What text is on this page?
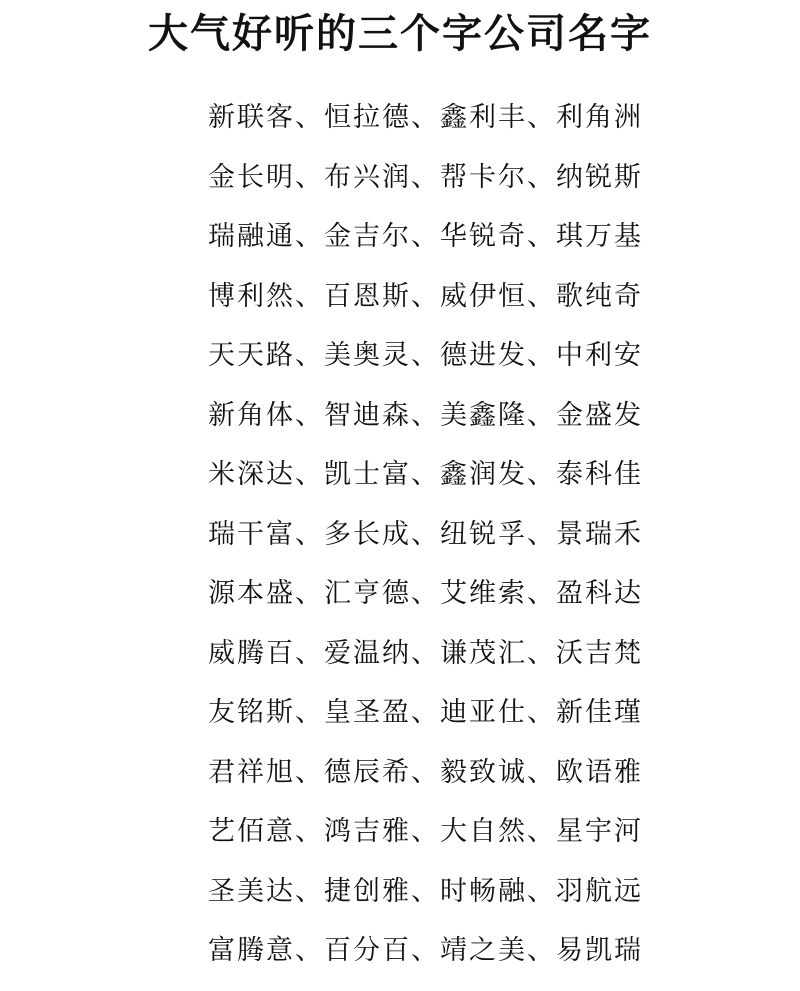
大气好听的三个字公司名字
新联客、恒拉德、鑫利丰、利角洲
金长明、布兴润、帮卡尔、纳锐斯
瑞融通、金吉尔、华锐奇、琪万基
博利然、百恩斯、威伊恒、歌纯奇
天天路、美奥灵、德进发、中利安
新角体、智迪森、美鑫隆、金盛发
米深达、凯士富、鑫润发、泰科佳
瑞干富、多长成、纽锐孚、景瑞禾
源本盛、汇亨德、艾维索、盈科达
威腾百、爱温纳、谦茂汇、沃吉梵
友铭斯、皇圣盈、迪亚仕、新佳瑾
君祥旭、德辰希、毅致诚、欧语雅
艺佰意、鸿吉雅、大自然、星宇河
圣美达、捷创雅、时畅融、羽航远
富腾意、百分百、靖之美、易凯瑞
